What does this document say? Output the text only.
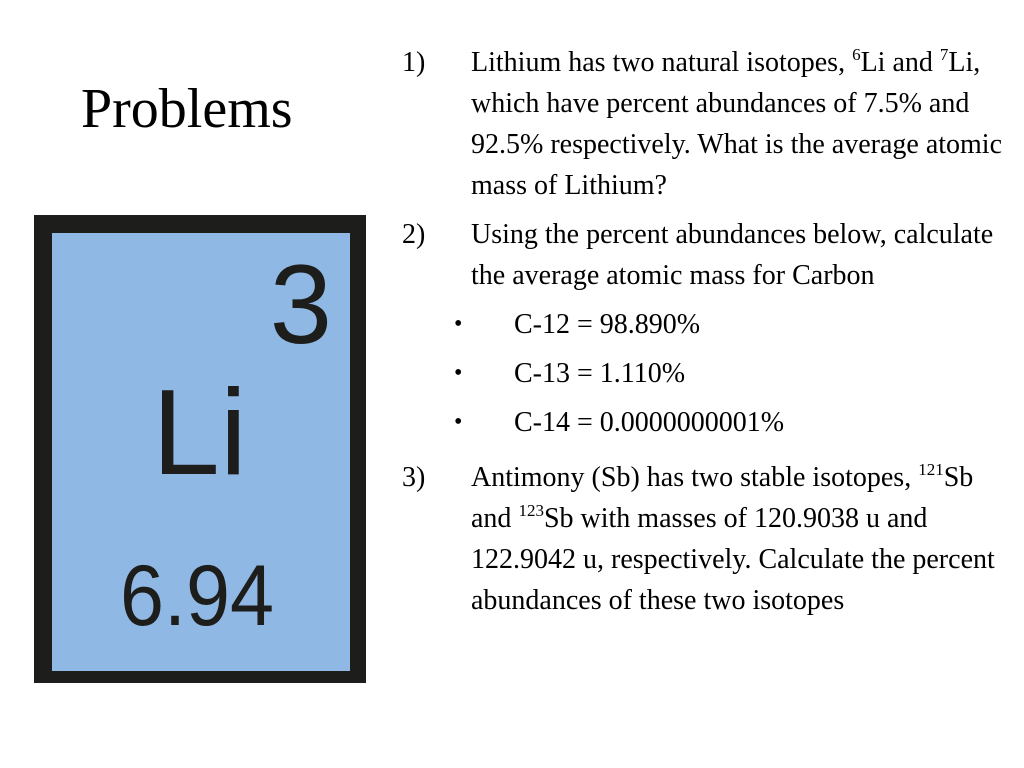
Problems
3
Li
6.94
1) Lithium has two natural isotopes, $^6$Li and $^7$Li, which have percent abundances of 7.5% and 92.5% respectively. What is the average atomic mass of Lithium?
2) Using the percent abundances below, calculate the average atomic mass for Carbon
• C-12 = 98.890%
• C-13 = 1.110%
• C-14 = 0.0000000001%
3) Antimony (Sb) has two stable isotopes, $^{121}$Sb and $^{123}$Sb with masses of 120.9038 u and 122.9042 u, respectively. Calculate the percent abundances of these two isotopes
